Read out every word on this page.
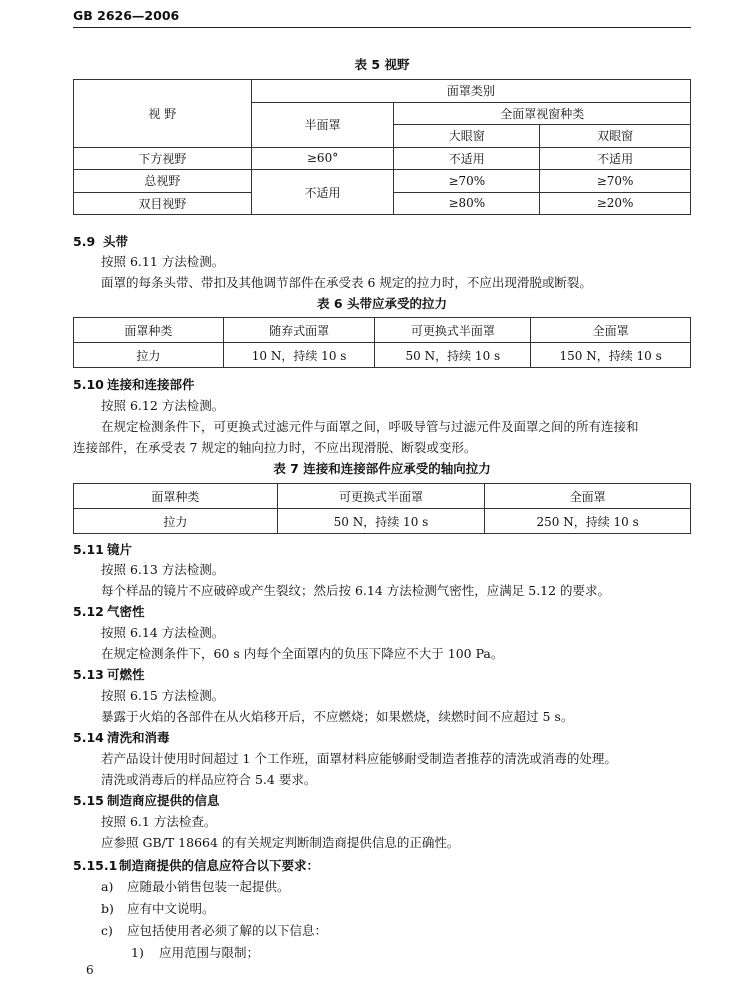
GB 2626—2006
表 5 视野
视 野	面罩类别		
	半面罩	全面罩视窗种类	
		大眼窗	双眼窗
下方视野	≥60°	不适用	不适用
总视野	不适用	≥70%	≥70%
双目视野		≥80%	≥20%
5.9 头带
按照 6.11 方法检测。
面罩的每条头带、带扣及其他调节部件在承受表 6 规定的拉力时，不应出现滑脱或断裂。
表 6 头带应承受的拉力
面罩种类	随弃式面罩	可更换式半面罩	全面罩
拉力	10 N，持续 10 s	50 N，持续 10 s	150 N，持续 10 s
5.10 连接和连接部件
按照 6.12 方法检测。
在规定检测条件下，可更换式过滤元件与面罩之间，呼吸导管与过滤元件及面罩之间的所有连接和
连接部件，在承受表 7 规定的轴向拉力时，不应出现滑脱、断裂或变形。
表 7 连接和连接部件应承受的轴向拉力
面罩种类	可更换式半面罩	全面罩
拉力	50 N，持续 10 s	250 N，持续 10 s
5.11 镜片
按照 6.13 方法检测。
每个样品的镜片不应破碎或产生裂纹；然后按 6.14 方法检测气密性，应满足 5.12 的要求。
5.12 气密性
按照 6.14 方法检测。
在规定检测条件下，60 s 内每个全面罩内的负压下降应不大于 100 Pa。
5.13 可燃性
按照 6.15 方法检测。
暴露于火焰的各部件在从火焰移开后，不应燃烧；如果燃烧，续燃时间不应超过 5 s。
5.14 清洗和消毒
若产品设计使用时间超过 1 个工作班，面罩材料应能够耐受制造者推荐的清洗或消毒的处理。
清洗或消毒后的样品应符合 5.4 要求。
5.15 制造商应提供的信息
按照 6.1 方法检查。
应参照 GB/T 18664 的有关规定判断制造商提供信息的正确性。
5.15.1 制造商提供的信息应符合以下要求：
a) 应随最小销售包装一起提供。
b) 应有中文说明。
c) 应包括使用者必须了解的以下信息：
1) 应用范围与限制；
6
